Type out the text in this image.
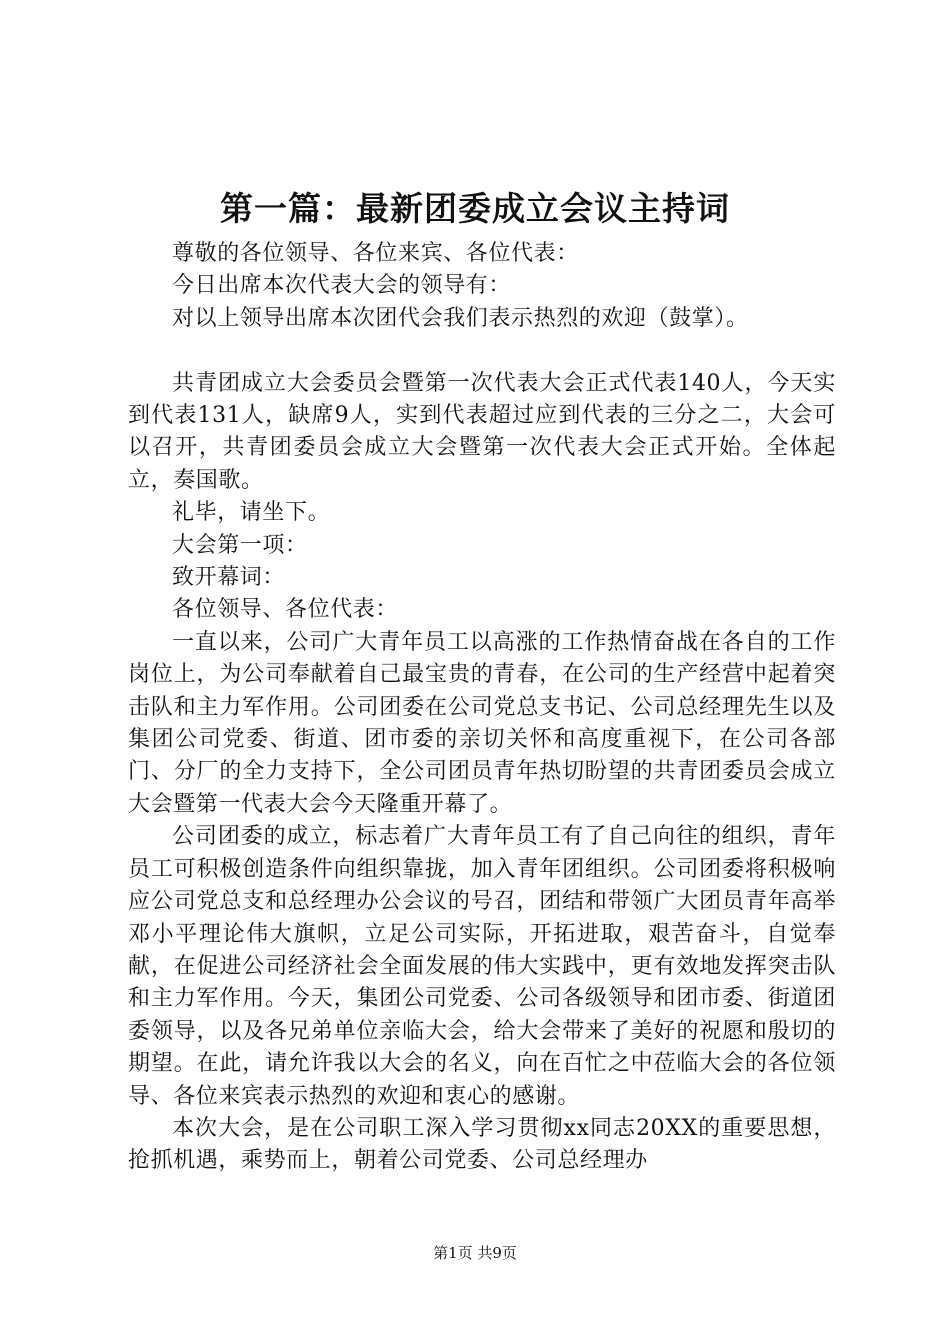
第一篇：最新团委成立会议主持词

尊敬的各位领导、各位来宾、各位代表：

今日出席本次代表大会的领导有：

对以上领导出席本次团代会我们表示热烈的欢迎（鼓掌）。

共青团成立大会委员会暨第一次代表大会正式代表140人，今天实到代表131人，缺席9人，实到代表超过应到代表的三分之二，大会可以召开，共青团委员会成立大会暨第一次代表大会正式开始。全体起立，奏国歌。

礼毕，请坐下。

大会第一项：

致开幕词：

各位领导、各位代表：

一直以来，公司广大青年员工以高涨的工作热情奋战在各自的工作岗位上，为公司奉献着自己最宝贵的青春，在公司的生产经营中起着突击队和主力军作用。公司团委在公司党总支书记、公司总经理先生以及集团公司党委、街道、团市委的亲切关怀和高度重视下，在公司各部门、分厂的全力支持下，全公司团员青年热切盼望的共青团委员会成立大会暨第一代表大会今天隆重开幕了。

公司团委的成立，标志着广大青年员工有了自己向往的组织，青年员工可积极创造条件向组织靠拢，加入青年团组织。公司团委将积极响应公司党总支和总经理办公会议的号召，团结和带领广大团员青年高举邓小平理论伟大旗帜，立足公司实际，开拓进取，艰苦奋斗，自觉奉献，在促进公司经济社会全面发展的伟大实践中，更有效地发挥突击队和主力军作用。今天，集团公司党委、公司各级领导和团市委、街道团委领导，以及各兄弟单位亲临大会，给大会带来了美好的祝愿和殷切的期望。在此，请允许我以大会的名义，向在百忙之中莅临大会的各位领导、各位来宾表示热烈的欢迎和衷心的感谢。

本次大会，是在公司职工深入学习贯彻xx同志20XX的重要思想，抢抓机遇，乘势而上，朝着公司党委、公司总经理办

第1页 共9页
